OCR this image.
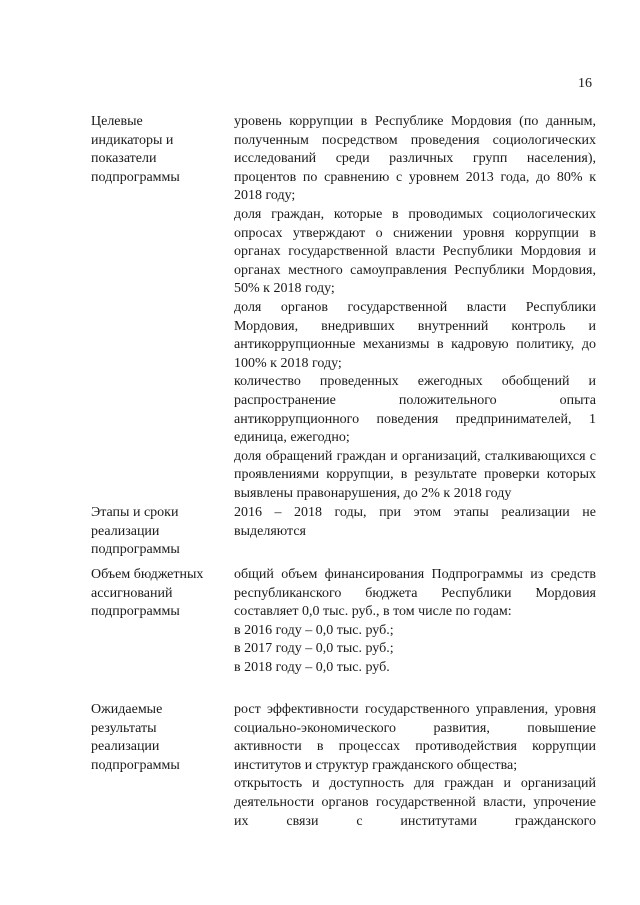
16
Целевые
индикаторы и
показатели
подпрограммы
уровень коррупции в Республике Мордовия (по данным, полученным посредством проведения социологических исследований среди различных групп населения), процентов по сравнению с уровнем 2013 года, до 80% к 2018 году;
доля граждан, которые в проводимых социологических опросах утверждают о снижении уровня коррупции в органах государственной власти Республики Мордовия и органах местного самоуправления Республики Мордовия, 50% к 2018 году;
доля органов государственной власти Республики Мордовия, внедривших внутренний контроль и антикоррупционные механизмы в кадровую политику, до 100% к 2018 году;
количество проведенных ежегодных обобщений и распространение положительного опыта антикоррупционного поведения предпринимателей, 1 единица, ежегодно;
доля обращений граждан и организаций, сталкивающихся с проявлениями коррупции, в результате проверки которых выявлены правонарушения, до 2% к 2018 году
Этапы и сроки
реализации
подпрограммы
2016 – 2018 годы, при этом этапы реализации не выделяются
Объем бюджетных
ассигнований
подпрограммы
общий объем финансирования Подпрограммы из средств республиканского бюджета Республики Мордовия составляет 0,0 тыс. руб., в том числе по годам:
в 2016 году – 0,0 тыс. руб.;
в 2017 году – 0,0 тыс. руб.;
в 2018 году – 0,0 тыс. руб.
Ожидаемые
результаты
реализации
подпрограммы
рост эффективности государственного управления, уровня социально-экономического развития, повышение активности в процессах противодействия коррупции институтов и структур гражданского общества;
открытость и доступность для граждан и организаций деятельности органов государственной власти, упрочение их связи с институтами гражданского
